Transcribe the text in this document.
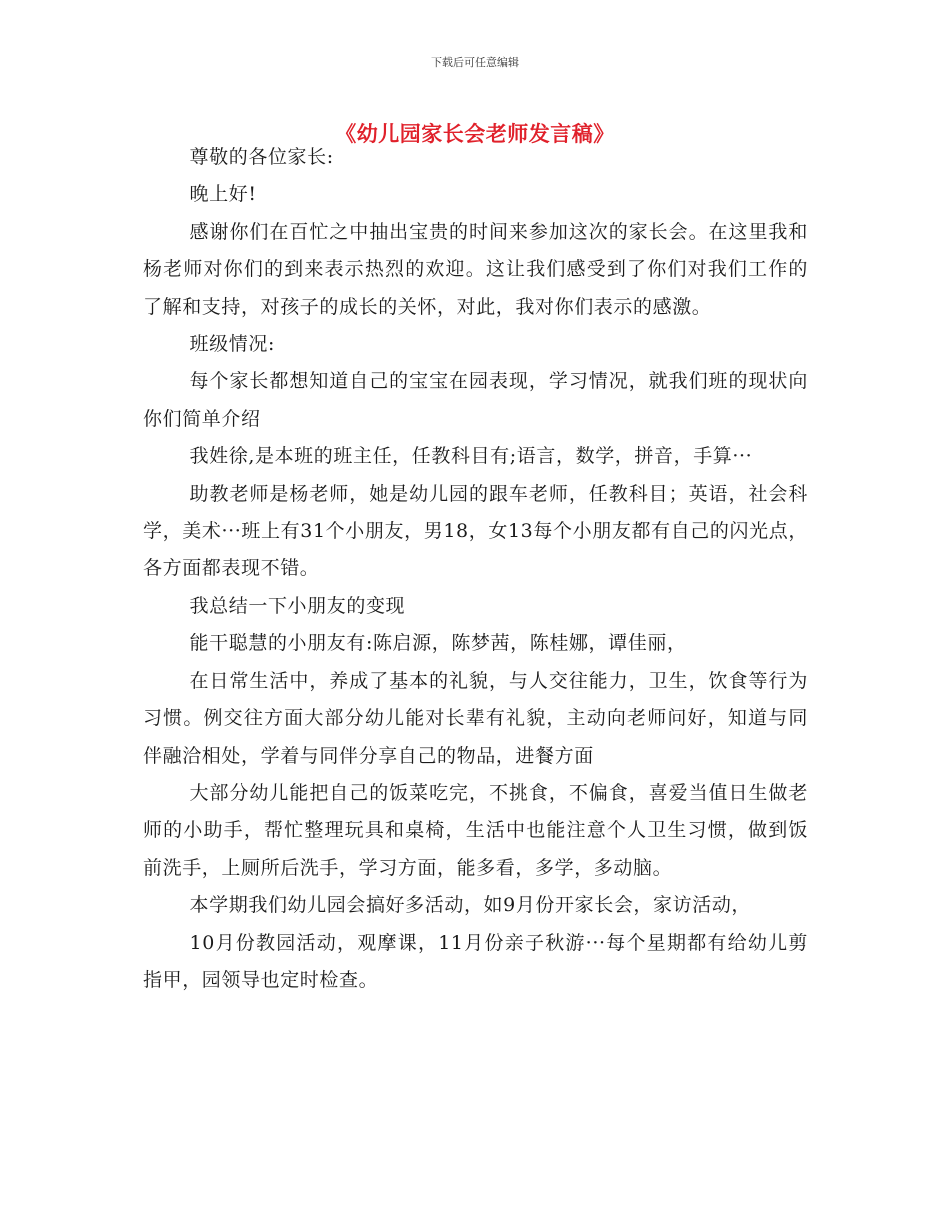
下载后可任意编辑
《幼儿园家长会老师发言稿》

尊敬的各位家长:

晚上好!

感谢你们在百忙之中抽出宝贵的时间来参加这次的家长会。在这里我和杨老师对你们的到来表示热烈的欢迎。这让我们感受到了你们对我们工作的了解和支持，对孩子的成长的关怀，对此，我对你们表示的感激。

班级情况:

每个家长都想知道自己的宝宝在园表现，学习情况，就我们班的现状向你们简单介绍

我姓徐,是本班的班主任，任教科目有;语言，数学，拼音，手算···

助教老师是杨老师，她是幼儿园的跟车老师，任教科目；英语，社会科学，美术···班上有31个小朋友，男18，女13每个小朋友都有自己的闪光点，各方面都表现不错。

我总结一下小朋友的变现

能干聪慧的小朋友有:陈启源，陈梦茜，陈桂娜，谭佳丽，

在日常生活中，养成了基本的礼貌，与人交往能力，卫生，饮食等行为习惯。例交往方面大部分幼儿能对长辈有礼貌，主动向老师问好，知道与同伴融洽相处，学着与同伴分享自己的物品，进餐方面

大部分幼儿能把自己的饭菜吃完，不挑食，不偏食，喜爱当值日生做老师的小助手，帮忙整理玩具和桌椅，生活中也能注意个人卫生习惯，做到饭前洗手，上厕所后洗手，学习方面，能多看，多学，多动脑。

本学期我们幼儿园会搞好多活动，如9月份开家长会，家访活动，

10月份教园活动，观摩课，11月份亲子秋游···每个星期都有给幼儿剪指甲，园领导也定时检查。
